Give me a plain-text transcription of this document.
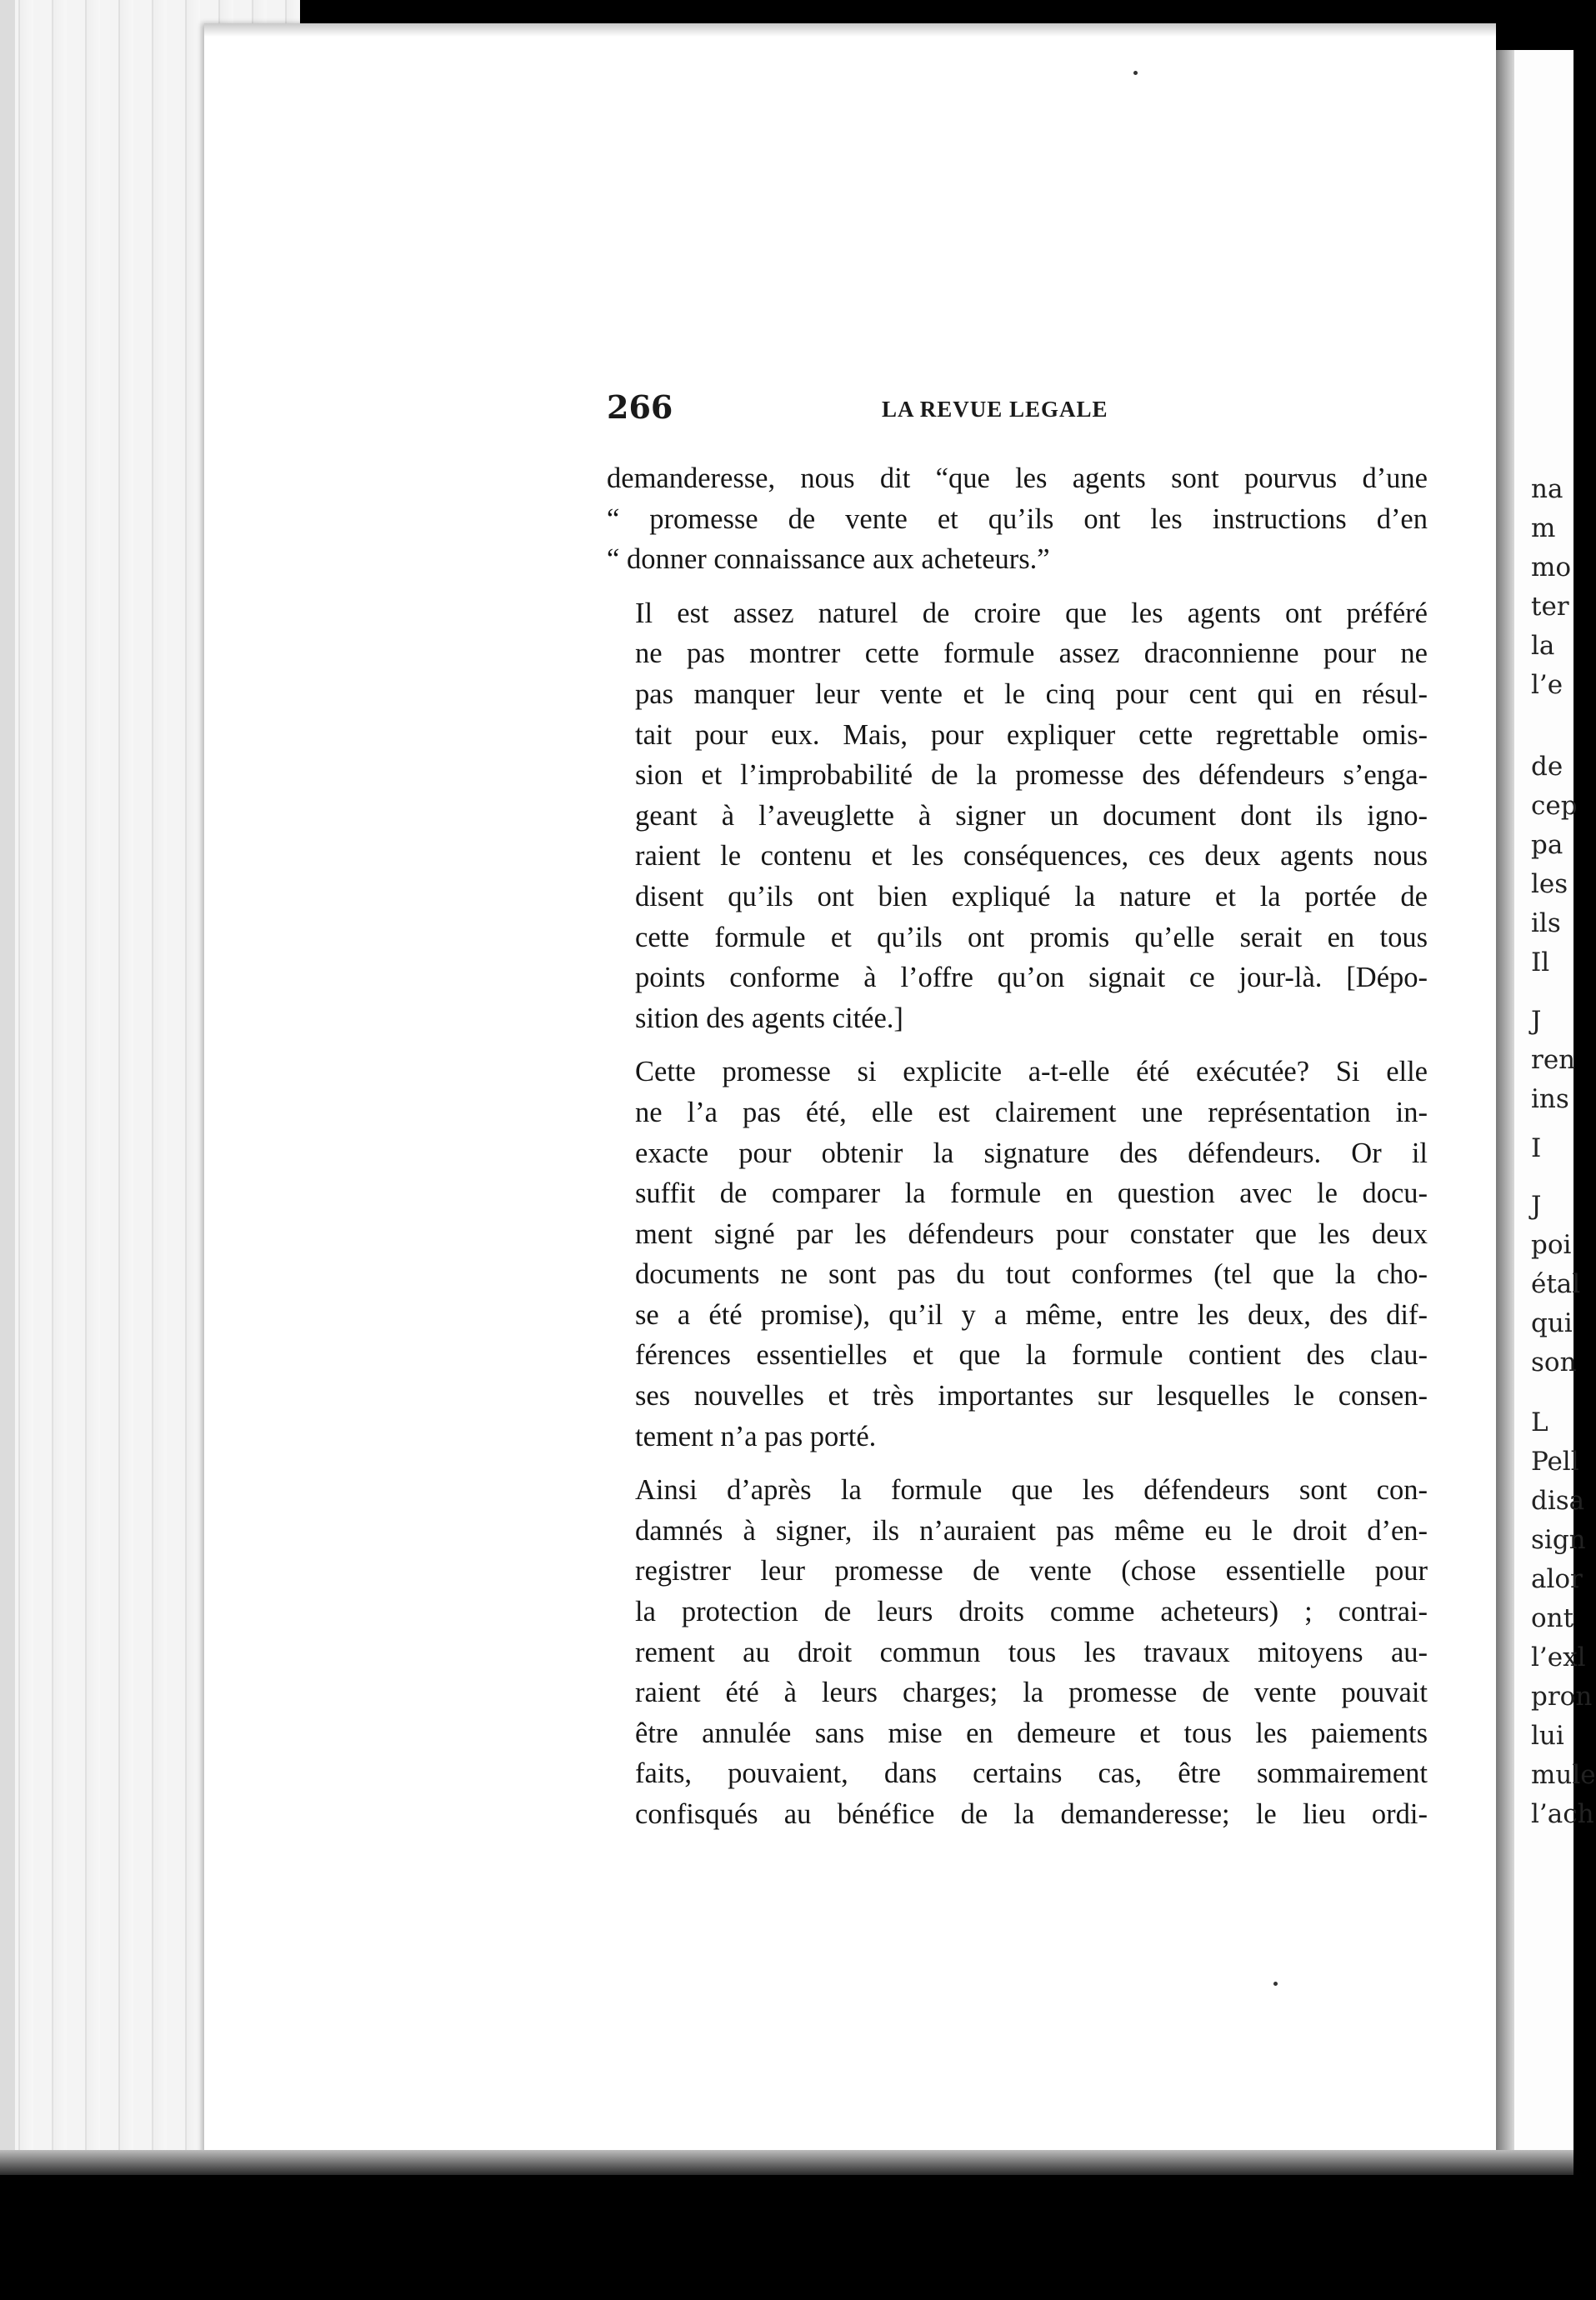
na
m
mo
ter
la
l’e
de
cep
pa
les
ils
Il
J
ren
ins
I
J
poi
étal
qui
son
L
Pell
disa
sign
alor
ont
l’exl
pron
lui
mule
l’ach
266	LA REVUE LEGALE

demanderesse, nous dit “que les agents sont pourvus d’une
“ promesse de vente et qu’ils ont les instructions d’en
“ donner connaissance aux acheteurs.”

Il est assez naturel de croire que les agents ont préféré
ne pas montrer cette formule assez draconnienne pour ne
pas manquer leur vente et le cinq pour cent qui en résul-
tait pour eux. Mais, pour expliquer cette regrettable omis-
sion et l’improbabilité de la promesse des défendeurs s’enga-
geant à l’aveuglette à signer un document dont ils igno-
raient le contenu et les conséquences, ces deux agents nous
disent qu’ils ont bien expliqué la nature et la portée de
cette formule et qu’ils ont promis qu’elle serait en tous
points conforme à l’offre qu’on signait ce jour-là. [Dépo-
sition des agents citée.]

Cette promesse si explicite a-t-elle été exécutée? Si elle
ne l’a pas été, elle est clairement une représentation in-
exacte pour obtenir la signature des défendeurs. Or il
suffit de comparer la formule en question avec le docu-
ment signé par les défendeurs pour constater que les deux
documents ne sont pas du tout conformes (tel que la cho-
se a été promise), qu’il y a même, entre les deux, des dif-
férences essentielles et que la formule contient des clau-
ses nouvelles et très importantes sur lesquelles le consen-
tement n’a pas porté.

Ainsi d’après la formule que les défendeurs sont con-
damnés à signer, ils n’auraient pas même eu le droit d’en-
registrer leur promesse de vente (chose essentielle pour
la protection de leurs droits comme acheteurs) ; contrai-
rement au droit commun tous les travaux mitoyens au-
raient été à leurs charges; la promesse de vente pouvait
être annulée sans mise en demeure et tous les paiements
faits, pouvaient, dans certains cas, être sommairement
confisqués au bénéfice de la demanderesse; le lieu ordi-
